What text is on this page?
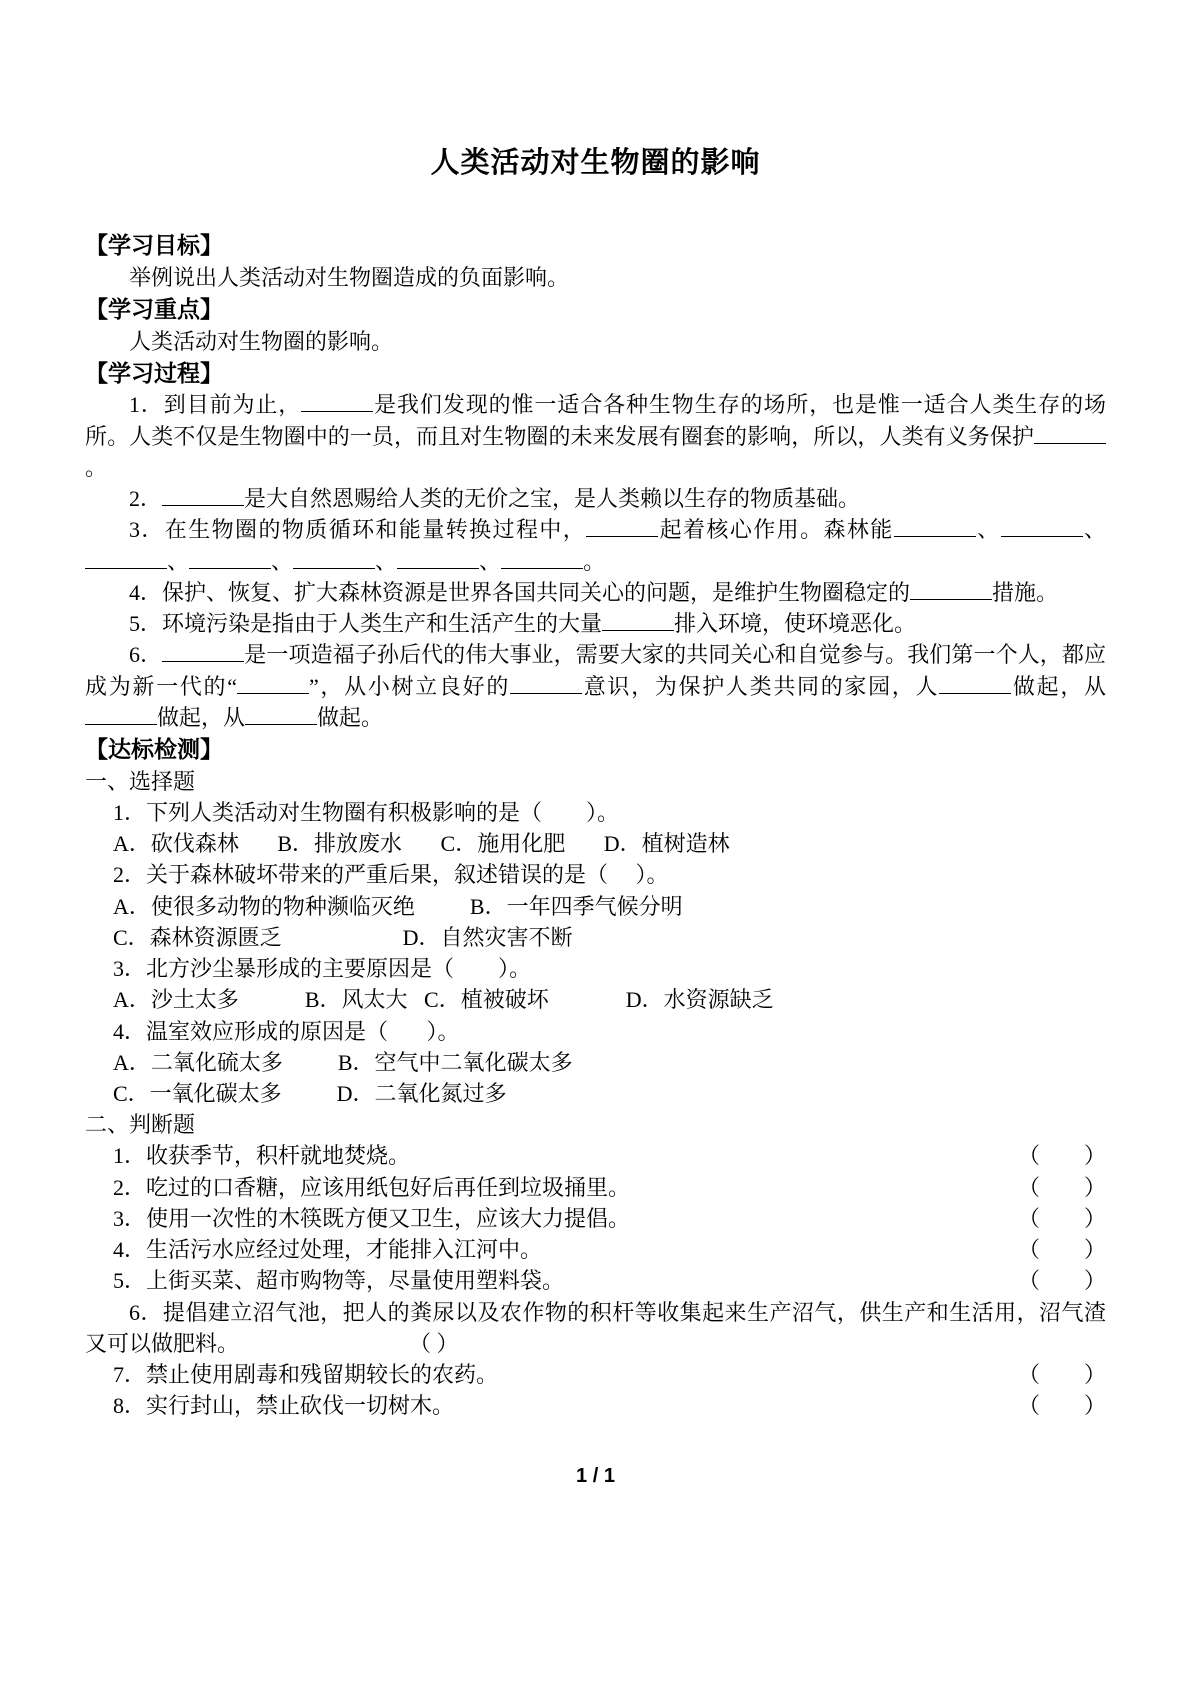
人类活动对生物圈的影响
【学习目标】
举例说出人类活动对生物圈造成的负面影响。
【学习重点】
人类活动对生物圈的影响。
【学习过程】
1．到目前为止，	是我们发现的惟一适合各种生物生存的场所，也是惟一适合人类生存的场所。人类不仅是生物圈中的一员，而且对生物圈的未来发展有圈套的影响，所以，人类有义务保护。
2．	是大自然恩赐给人类的无价之宝，是人类赖以生存的物质基础。
3．在生物圈的物质循环和能量转换过程中，	起着核心作用。森林能	、	、、	、	、	、	。
4．保护、恢复、扩大森林资源是世界各国共同关心的问题，是维护生物圈稳定的	措施。
5．环境污染是指由于人类生产和生活产生的大量	排入环境，使环境恶化。
6．	是一项造福子孙后代的伟大事业，需要大家的共同关心和自觉参与。我们第一个人，都应成为新一代的“	”，从小树立良好的	意识，为保护人类共同的家园，人	做起，从做起，从	做起。
【达标检测】
一、选择题
1．下列人类活动对生物圈有积极影响的是（        ）。
A．砍伐森林       B．排放废水       C．施用化肥       D．植树造林
2．关于森林破坏带来的严重后果，叙述错误的是（     ）。
A．使很多动物的物种濒临灭绝          B．一年四季气候分明
C．森林资源匮乏                      D．自然灾害不断
3．北方沙尘暴形成的主要原因是（        ）。
A．沙土太多            B．风太大   C．植被破坏              D．水资源缺乏
4．温室效应形成的原因是（       ）。
A．二氧化硫太多          B．空气中二氧化碳太多
C．一氧化碳太多          D．二氧化氮过多
二、判断题
1．收获季节，积杆就地焚烧。	（        ）
2．吃过的口香糖，应该用纸包好后再任到垃圾捅里。	（        ）
3．使用一次性的木筷既方便又卫生，应该大力提倡。	（        ）
4．生活污水应经过处理，才能排入江河中。	（        ）
5．上街买菜、超市购物等，尽量使用塑料袋。	（        ）
6．提倡建立沼气池，把人的粪尿以及农作物的积杆等收集起来生产沼气，供生产和生活用，沼气渣又可以做肥料。	（ ）
7．禁止使用剧毒和残留期较长的农药。	（        ）
8．实行封山，禁止砍伐一切树木。	（        ）
1 / 1
